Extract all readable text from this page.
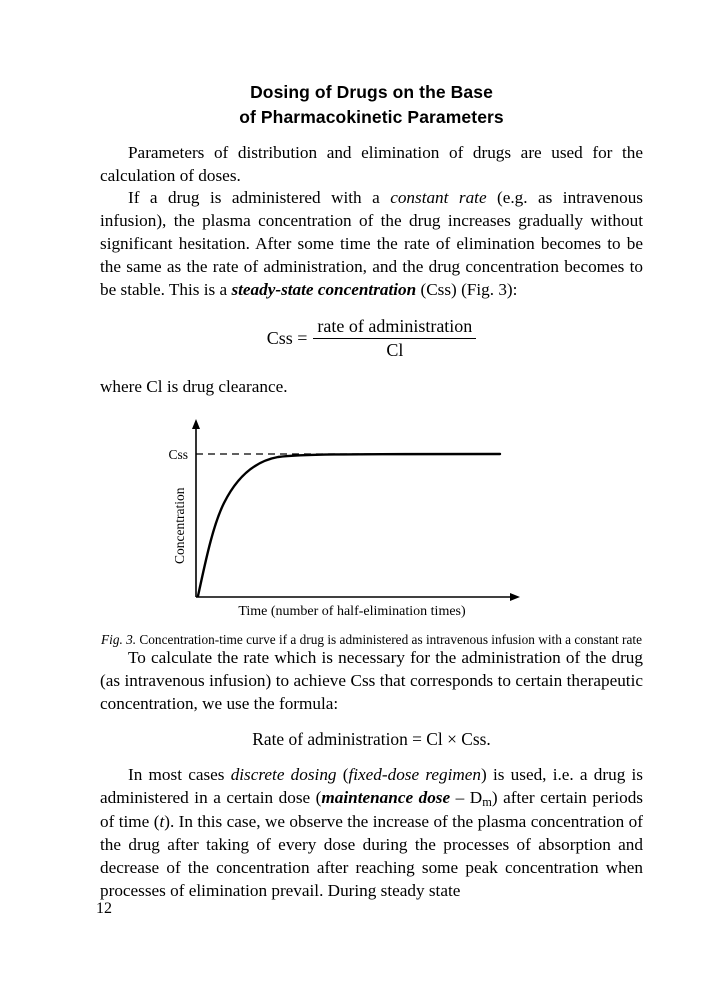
Dosing of Drugs on the Base
of Pharmacokinetic Parameters

Parameters of distribution and elimination of drugs are used for the calculation of doses.

If a drug is administered with a constant rate (e.g. as intravenous infusion), the plasma concentration of the drug increases gradually without significant hesitation. After some time the rate of elimination becomes to be the same as the rate of administration, and the drug concentration becomes to be stable. This is a steady-state concentration (Css) (Fig. 3):

Css = $\frac{\text{rate of administration}}{Cl}$

where Cl is drug clearance.

Css
Concentration
Time (number of half-elimination times)

Fig. 3. Concentration-time curve if a drug is administered as intravenous infusion with a constant rate

To calculate the rate which is necessary for the administration of the drug (as intravenous infusion) to achieve Css that corresponds to certain therapeutic concentration, we use the formula:

Rate of administration = Cl × Css.

In most cases discrete dosing (fixed-dose regimen) is used, i.e. a drug is administered in a certain dose (maintenance dose – $D_m$) after certain periods of time (t). In this case, we observe the increase of the plasma concentration of the drug after taking of every dose during the processes of absorption and decrease of the concentration after reaching some peak concentration when processes of elimination prevail. During steady state

12
